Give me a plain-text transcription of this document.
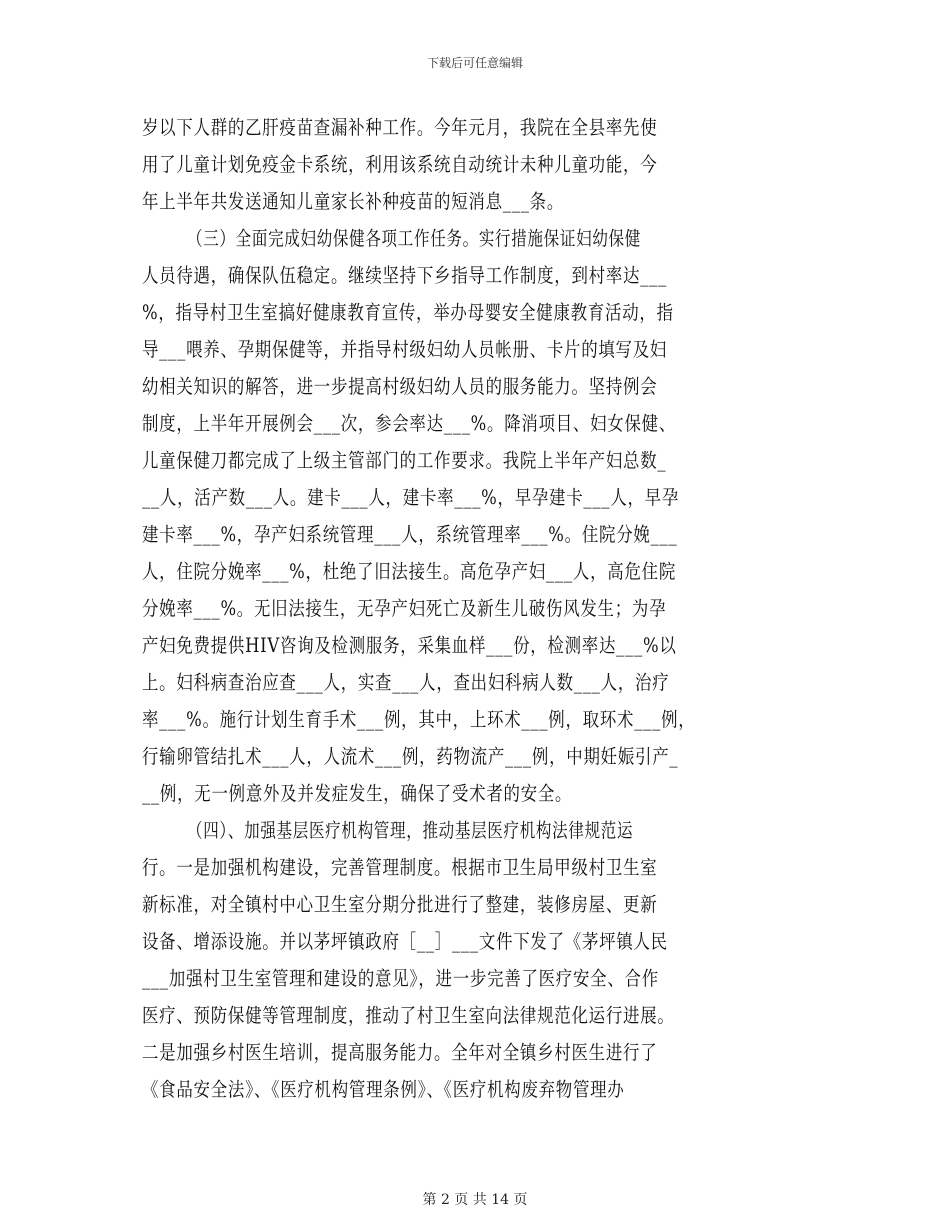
下载后可任意编辑
岁以下人群的乙肝疫苗查漏补种工作。今年元月，我院在全县率先使
用了儿童计划免疫金卡系统，利用该系统自动统计未种儿童功能，今
年上半年共发送通知儿童家长补种疫苗的短消息___条。
（三）全面完成妇幼保健各项工作任务。实行措施保证妇幼保健
人员待遇，确保队伍稳定。继续坚持下乡指导工作制度，到村率达___
%，指导村卫生室搞好健康教育宣传，举办母婴安全健康教育活动，指
导___喂养、孕期保健等，并指导村级妇幼人员帐册、卡片的填写及妇
幼相关知识的解答，进一步提高村级妇幼人员的服务能力。坚持例会
制度，上半年开展例会___次，参会率达___%。降消项目、妇女保健、
儿童保健刀都完成了上级主管部门的工作要求。我院上半年产妇总数_
__人，活产数___人。建卡___人，建卡率___%，早孕建卡___人，早孕
建卡率___%，孕产妇系统管理___人，系统管理率___%。住院分娩___
人，住院分娩率___%，杜绝了旧法接生。高危孕产妇___人，高危住院
分娩率___%。无旧法接生，无孕产妇死亡及新生儿破伤风发生；为孕
产妇免费提供HIV咨询及检测服务，采集血样___份，检测率达___%以
上。妇科病查治应查___人，实查___人，查出妇科病人数___人，治疗
率___%。施行计划生育手术___例，其中，上环术___例，取环术___例，
行输卵管结扎术___人，人流术___例，药物流产___例，中期妊娠引产_
__例，无一例意外及并发症发生，确保了受术者的安全。
（四）、加强基层医疗机构管理，推动基层医疗机构法律规范运
行。一是加强机构建设，完善管理制度。根据市卫生局甲级村卫生室
新标准，对全镇村中心卫生室分期分批进行了整建，装修房屋、更新
设备、增添设施。并以茅坪镇政府［__］___文件下发了《茅坪镇人民
___加强村卫生室管理和建设的意见》，进一步完善了医疗安全、合作
医疗、预防保健等管理制度，推动了村卫生室向法律规范化运行进展。
二是加强乡村医生培训，提高服务能力。全年对全镇乡村医生进行了
《食品安全法》、《医疗机构管理条例》、《医疗机构废弃物管理办
第 2 页 共 14 页
